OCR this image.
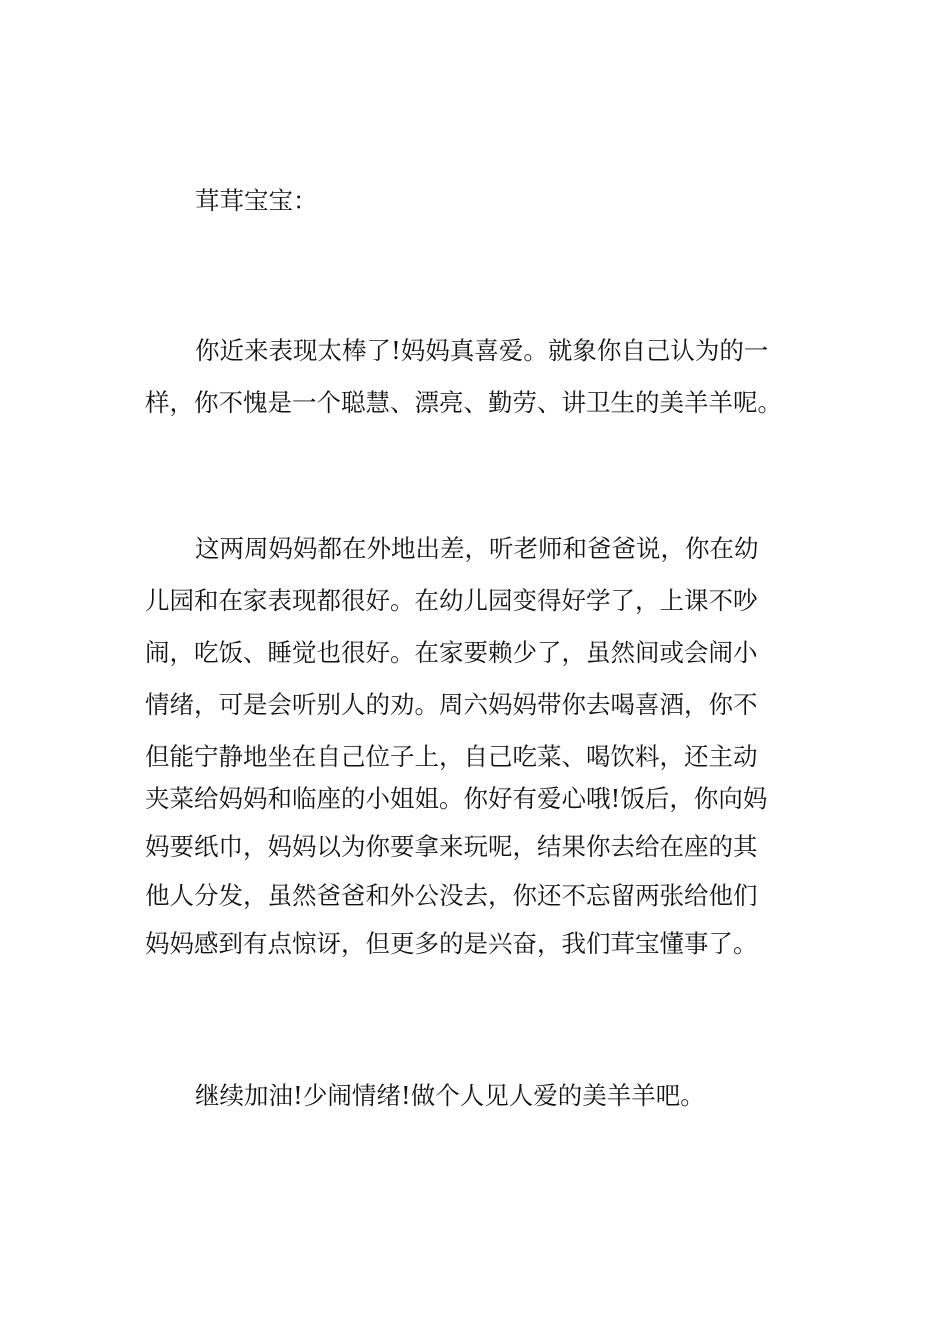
茸茸宝宝：
你近来表现太棒了!妈妈真喜爱。就象你自己认为的一
样，你不愧是一个聪慧、漂亮、勤劳、讲卫生的美羊羊呢。
这两周妈妈都在外地出差，听老师和爸爸说，你在幼
儿园和在家表现都很好。在幼儿园变得好学了，上课不吵
闹，吃饭、睡觉也很好。在家要赖少了，虽然间或会闹小
情绪，可是会听别人的劝。周六妈妈带你去喝喜酒，你不
但能宁静地坐在自己位子上，自己吃菜、喝饮料，还主动
夹菜给妈妈和临座的小姐姐。你好有爱心哦!饭后，你向妈
妈要纸巾，妈妈以为你要拿来玩呢，结果你去给在座的其
他人分发，虽然爸爸和外公没去，你还不忘留两张给他们
妈妈感到有点惊讶，但更多的是兴奋，我们茸宝懂事了。
继续加油!少闹情绪!做个人见人爱的美羊羊吧。
